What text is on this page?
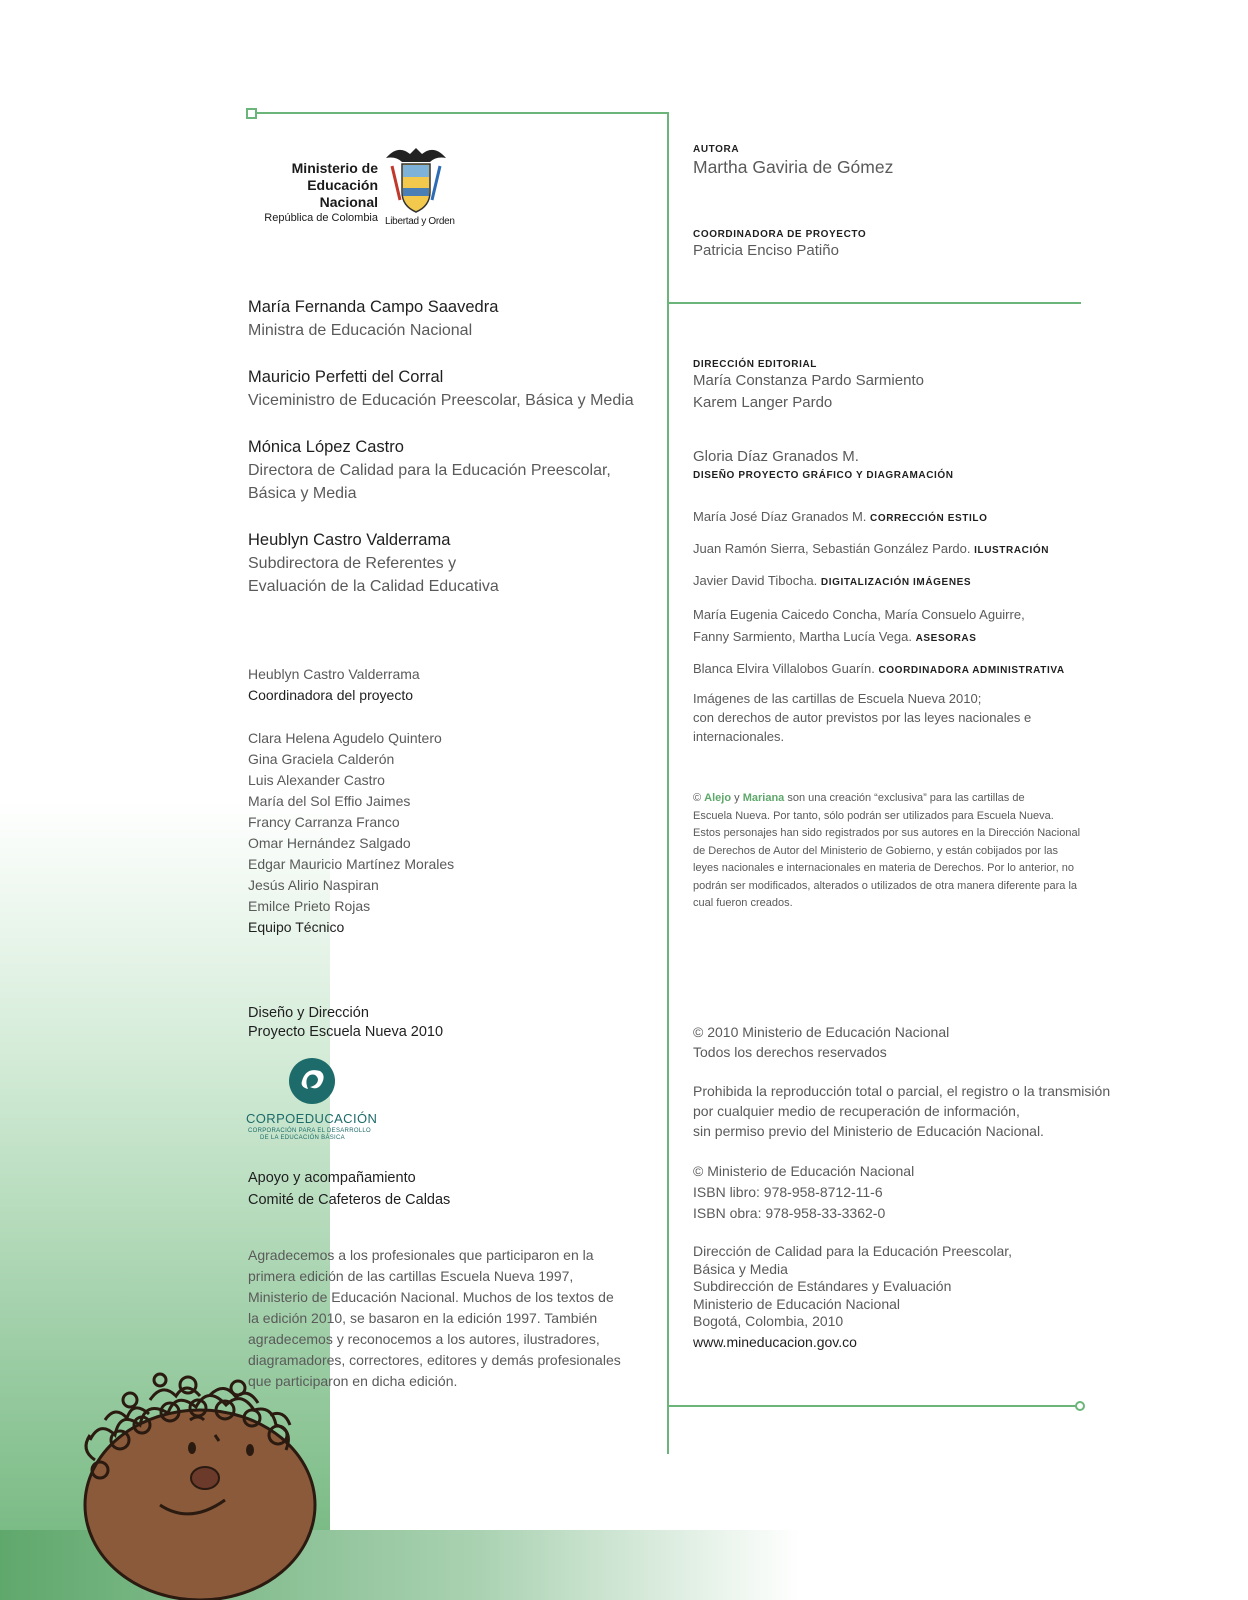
Ministerio de
Educación Nacional
República de Colombia Libertad y Orden
María Fernanda Campo Saavedra
Ministra de Educación Nacional
Mauricio Perfetti del Corral
Viceministro de Educación Preescolar, Básica y Media
Mónica López Castro
Directora de Calidad para la Educación Preescolar,
Básica y Media
Heublyn Castro Valderrama
Subdirectora de Referentes y
Evaluación de la Calidad Educativa
Heublyn Castro Valderrama
Coordinadora del proyecto
Clara Helena Agudelo Quintero
Gina Graciela Calderón
Luis Alexander Castro
María del Sol Effio Jaimes
Francy Carranza Franco
Omar Hernández Salgado
Edgar Mauricio Martínez Morales
Jesús Alirio Naspiran
Emilce Prieto Rojas
Equipo Técnico
Diseño y Dirección
Proyecto Escuela Nueva 2010
CORPOEDUCACIÓN
CORPORACIÓN PARA EL DESARROLLO
DE LA EDUCACIÓN BÁSICA
Apoyo y acompañamiento
Comité de Cafeteros de Caldas
Agradecemos a los profesionales que participaron en la
primera edición de las cartillas Escuela Nueva 1997,
Ministerio de Educación Nacional. Muchos de los textos de
la edición 2010, se basaron en la edición 1997. También
agradecemos y reconocemos a los autores, ilustradores,
diagramadores, correctores, editores y demás profesionales
que participaron en dicha edición.
AUTORA
Martha Gaviria de Gómez
COORDINADORA DE PROYECTO
Patricia Enciso Patiño
DIRECCIÓN EDITORIAL
María Constanza Pardo Sarmiento
Karem Langer Pardo
Gloria Díaz Granados M.
DISEÑO PROYECTO GRÁFICO Y DIAGRAMACIÓN
María José Díaz Granados M. CORRECCIÓN ESTILO
Juan Ramón Sierra, Sebastián González Pardo. ILUSTRACIÓN
Javier David Tibocha. DIGITALIZACIÓN IMÁGENES
María Eugenia Caicedo Concha, María Consuelo Aguirre,
Fanny Sarmiento, Martha Lucía Vega. ASESORAS
Blanca Elvira Villalobos Guarín. COORDINADORA ADMINISTRATIVA
Imágenes de las cartillas de Escuela Nueva 2010;
con derechos de autor previstos por las leyes nacionales e
internacionales.
© Alejo y Mariana son una creación “exclusiva” para las cartillas de
Escuela Nueva. Por tanto, sólo podrán ser utilizados para Escuela Nueva.
Estos personajes han sido registrados por sus autores en la Dirección Nacional
de Derechos de Autor del Ministerio de Gobierno, y están cobijados por las
leyes nacionales e internacionales en materia de Derechos. Por lo anterior, no
podrán ser modificados, alterados o utilizados de otra manera diferente para la
cual fueron creados.
© 2010 Ministerio de Educación Nacional
Todos los derechos reservados
Prohibida la reproducción total o parcial, el registro o la transmisión
por cualquier medio de recuperación de información,
sin permiso previo del Ministerio de Educación Nacional.
© Ministerio de Educación Nacional
ISBN libro: 978-958-8712-11-6
ISBN obra: 978-958-33-3362-0
Dirección de Calidad para la Educación Preescolar,
Básica y Media
Subdirección de Estándares y Evaluación
Ministerio de Educación Nacional
Bogotá, Colombia, 2010
www.mineducacion.gov.co
